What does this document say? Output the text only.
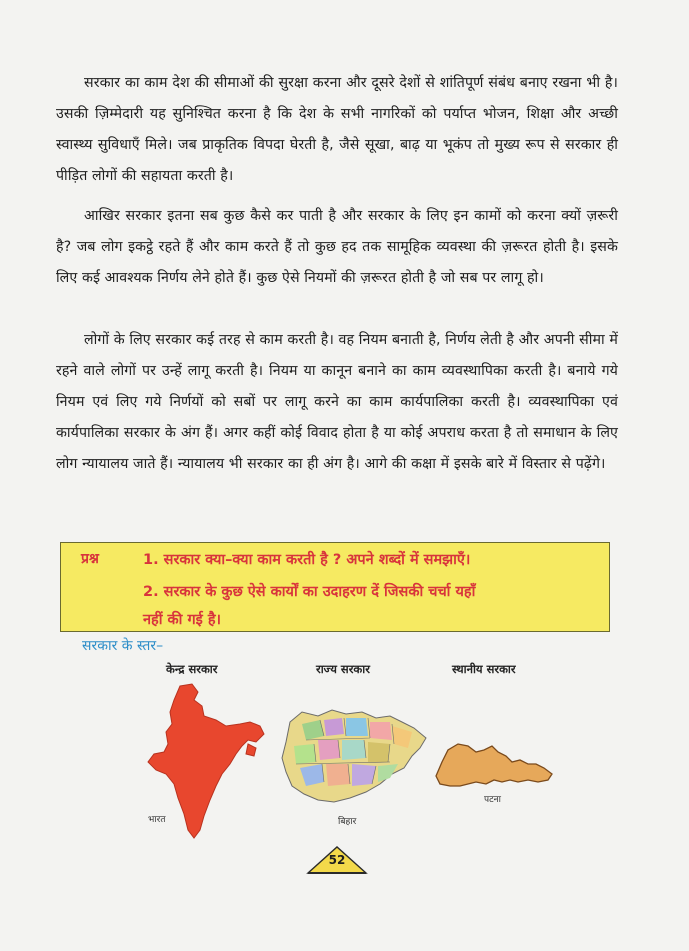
सरकार का काम देश की सीमाओं की सुरक्षा करना और दूसरे देशों से शांतिपूर्ण संबंध बनाए रखना भी है। उसकी ज़िम्मेदारी यह सुनिश्चित करना है कि देश के सभी नागरिकों को पर्याप्त भोजन, शिक्षा और अच्छी स्वास्थ्य सुविधाएँ मिले। जब प्राकृतिक विपदा घेरती है, जैसे सूखा, बाढ़ या भूकंप तो मुख्य रूप से सरकार ही पीड़ित लोगों की सहायता करती है।

आखिर सरकार इतना सब कुछ कैसे कर पाती है और सरकार के लिए इन कामों को करना क्यों ज़रूरी है? जब लोग इकट्ठे रहते हैं और काम करते हैं तो कुछ हद तक सामूहिक व्यवस्था की ज़रूरत होती है। इसके लिए कई आवश्यक निर्णय लेने होते हैं। कुछ ऐसे नियमों की ज़रूरत होती है जो सब पर लागू हो।

लोगों के लिए सरकार कई तरह से काम करती है। वह नियम बनाती है, निर्णय लेती है और अपनी सीमा में रहने वाले लोगों पर उन्हें लागू करती है। नियम या कानून बनाने का काम व्यवस्थापिका करती है। बनाये गये नियम एवं लिए गये निर्णयों को सबों पर लागू करने का काम कार्यपालिका करती है। व्यवस्थापिका एवं कार्यपालिका सरकार के अंग हैं। अगर कहीं कोई विवाद होता है या कोई अपराध करता है तो समाधान के लिए लोग न्यायालय जाते हैं। न्यायालय भी सरकार का ही अंग है। आगे की कक्षा में इसके बारे में विस्तार से पढ़ेंगे।

प्रश्न	1. सरकार क्या–क्या काम करती है ? अपने शब्दों में समझाएँ।
2. सरकार के कुछ ऐसे कार्यों का उदाहरण दें जिसकी चर्चा यहाँ
नहीं की गई है।
सरकार के स्तर–
केन्द्र सरकार	राज्य सरकार	स्थानीय सरकार
भारत	बिहार
पटना
52
